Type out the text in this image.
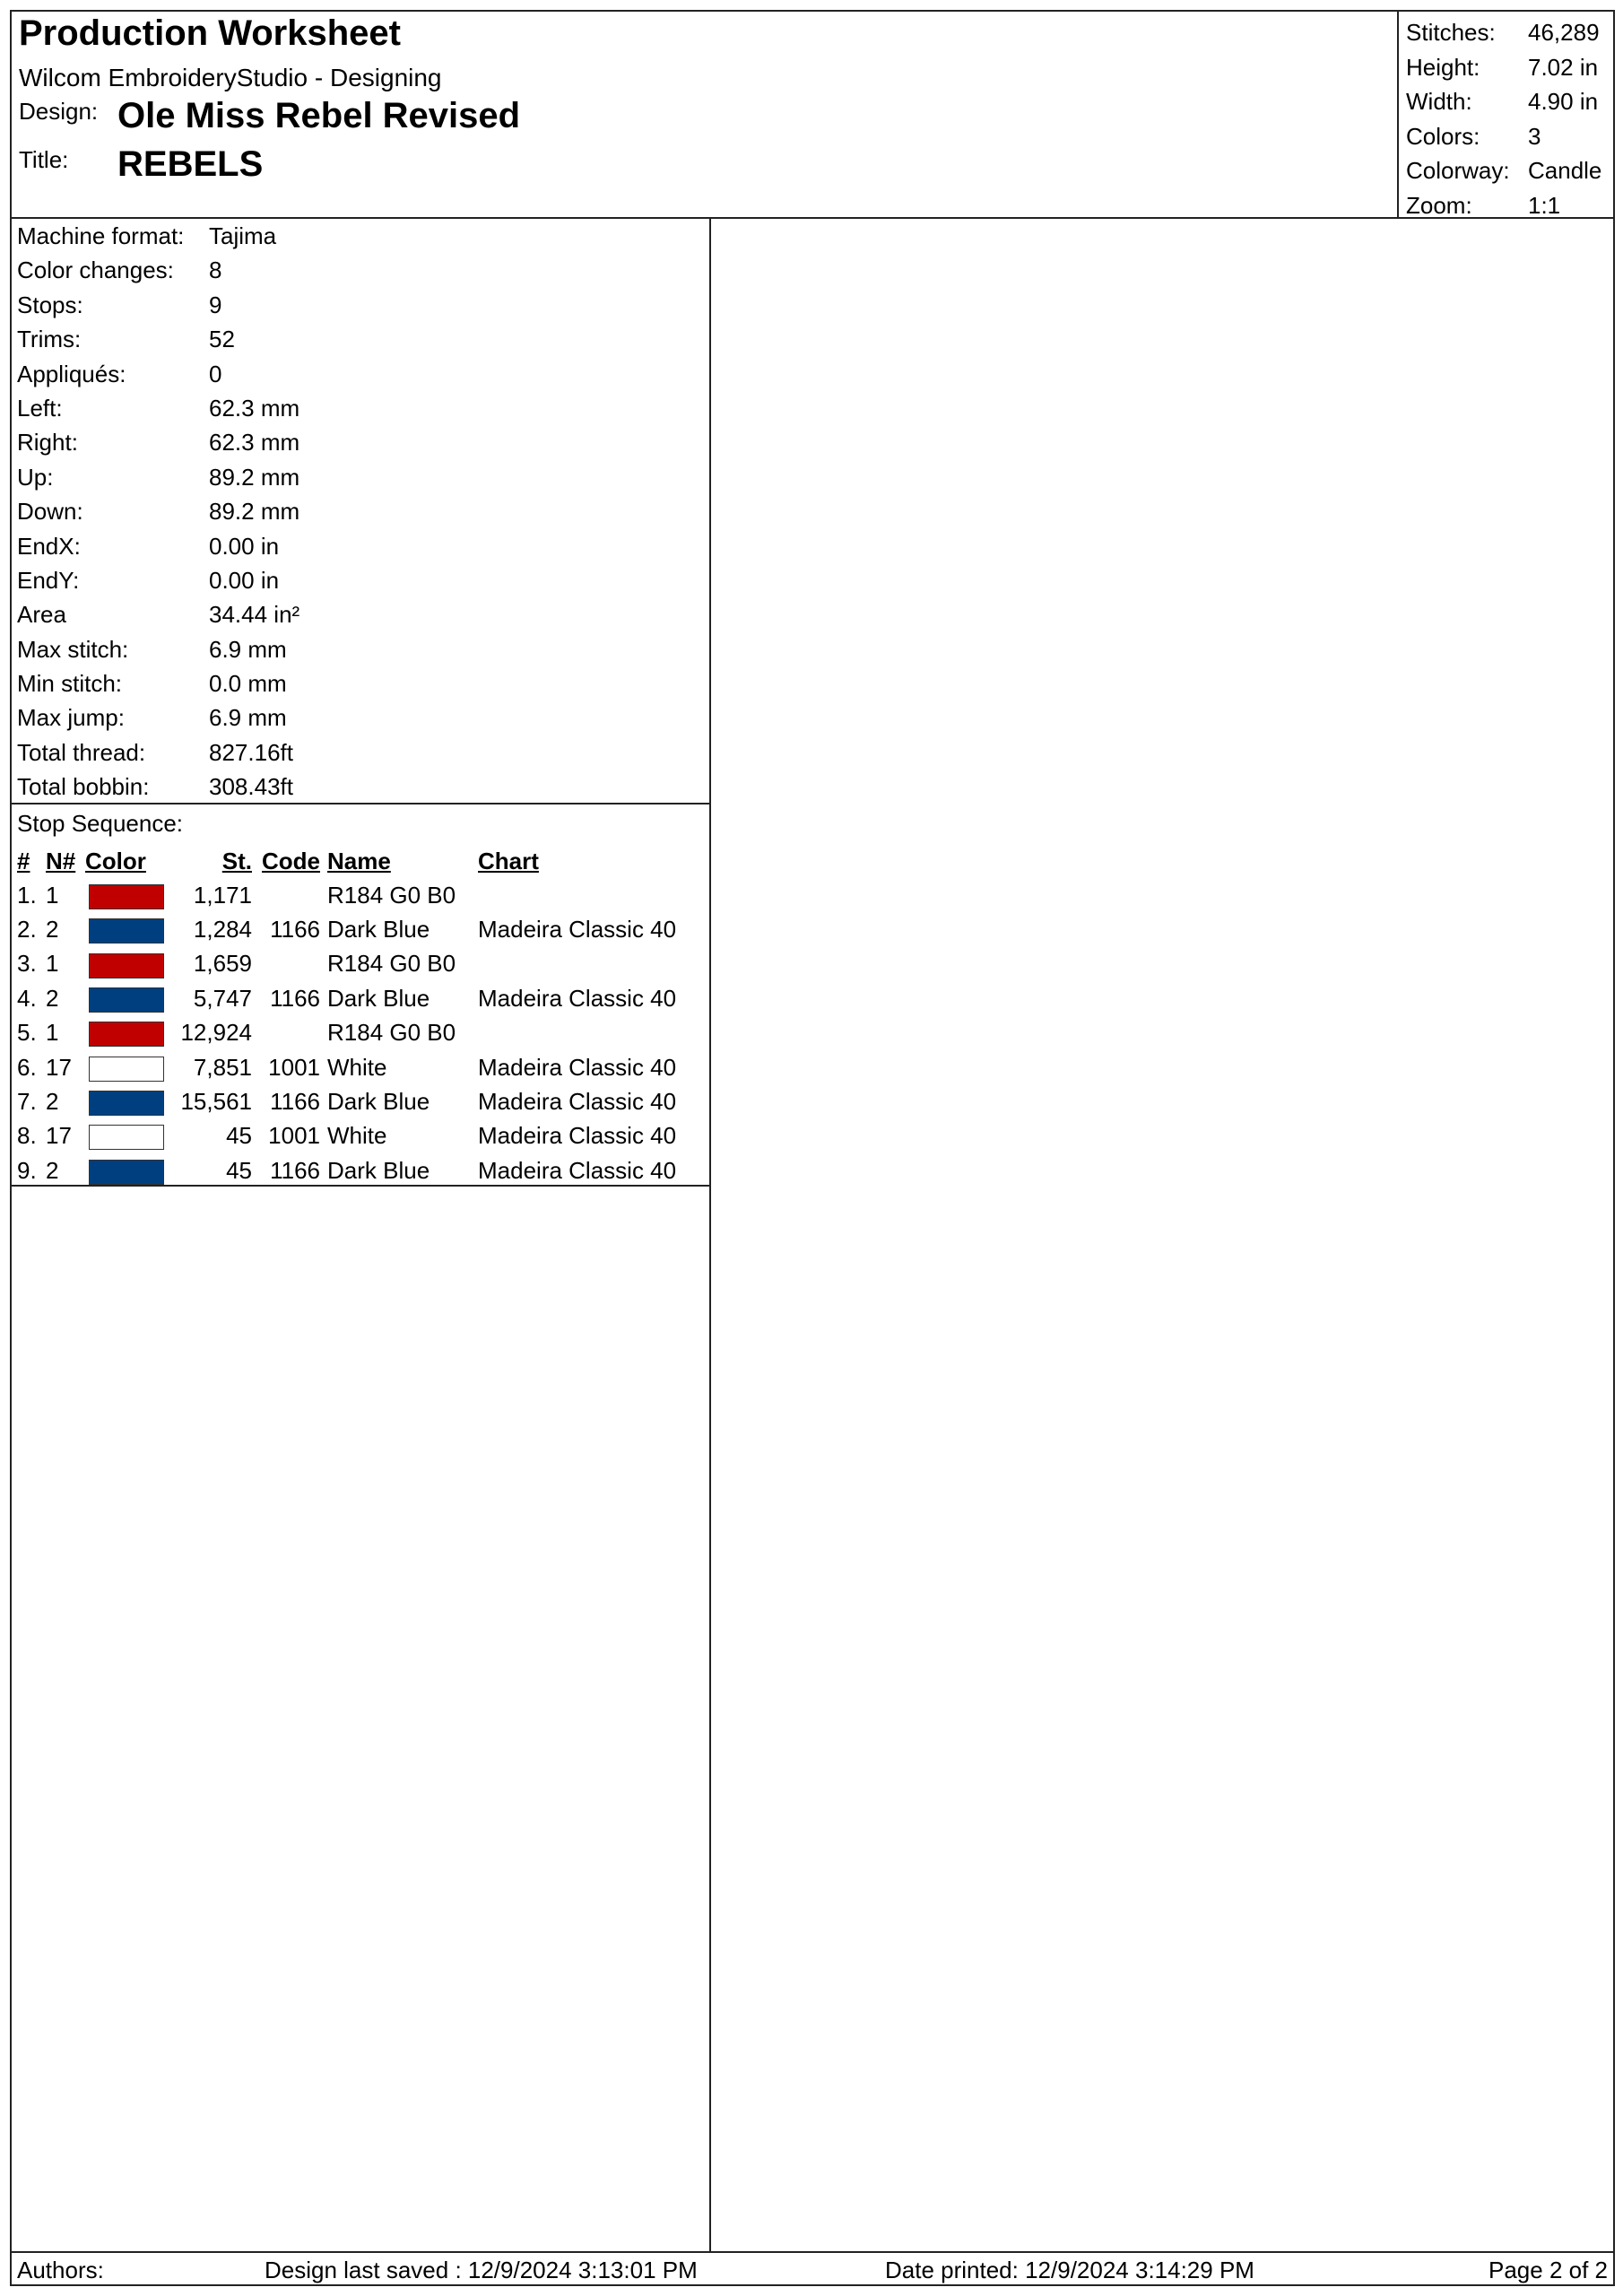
Production Worksheet
Wilcom EmbroideryStudio - Designing
Design: Ole Miss Rebel Revised
Title: REBELS
Stitches: 46,289
Height: 7.02 in
Width: 4.90 in
Colors: 3
Colorway: Candle
Zoom: 1:1
Machine format: Tajima
Color changes: 8
Stops:	9
Trims:	52
Appliqués:	0
Left:	62.3 mm
Right:	62.3 mm
Up:	89.2 mm
Down:	89.2 mm
EndX:	0.00 in
EndY:	0.00 in
Area	34.44 in²
Max stitch:	6.9 mm
Min stitch:	0.0 mm
Max jump:	6.9 mm
Total thread:	827.16ft
Total bobbin:	308.43ft
Stop Sequence:
#	N#	Color	St.	Code	Name	Chart
1.	1		1,171		R184 G0 B0	
2.	2		1,284	1166	Dark Blue	Madeira Classic 40
3.	1		1,659		R184 G0 B0	
4.	2		5,747	1166	Dark Blue	Madeira Classic 40
5.	1		12,924		R184 G0 B0	
6.	17		7,851	1001	White	Madeira Classic 40
7.	2		15,561	1166	Dark Blue	Madeira Classic 40
8.	17		45	1001	White	Madeira Classic 40
9.	2		45	1166	Dark Blue	Madeira Classic 40
Authors:	Design last saved : 12/9/2024 3:13:01 PM	Date printed: 12/9/2024 3:14:29 PM	Page 2 of 2
